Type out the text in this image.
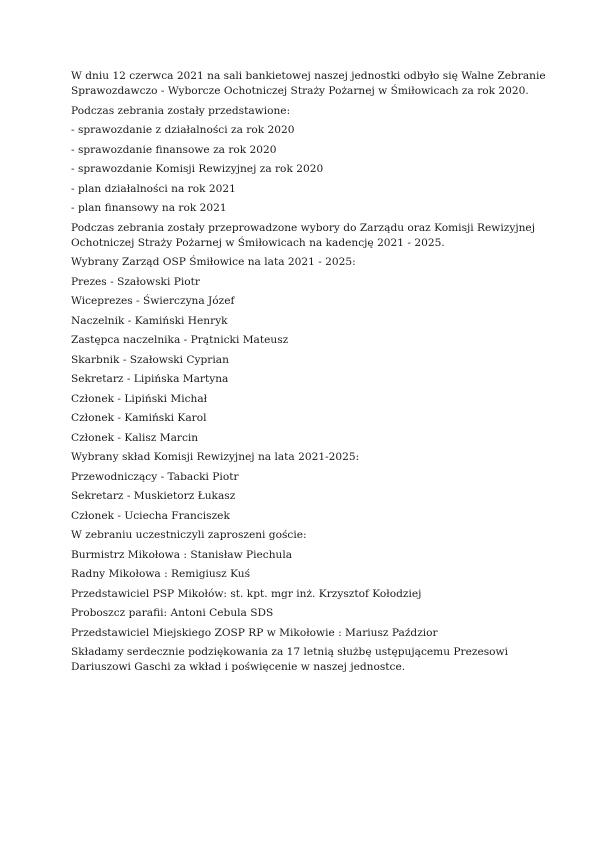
W dniu 12 czerwca 2021 na sali bankietowej naszej jednostki odbyło się Walne Zebranie
Sprawozdawczo - Wyborcze Ochotniczej Straży Pożarnej w Śmiłowicach za rok 2020.

Podczas zebrania zostały przedstawione:

- sprawozdanie z działalności za rok 2020

- sprawozdanie finansowe za rok 2020

- sprawozdanie Komisji Rewizyjnej za rok 2020

- plan działalności na rok 2021

- plan finansowy na rok 2021

Podczas zebrania zostały przeprowadzone wybory do Zarządu oraz Komisji Rewizyjnej
Ochotniczej Straży Pożarnej w Śmiłowicach na kadencję 2021 - 2025.

Wybrany Zarząd OSP Śmiłowice na lata 2021 - 2025:

Prezes - Szałowski Piotr

Wiceprezes - Świerczyna Józef

Naczelnik - Kamiński Henryk

Zastępca naczelnika - Prątnicki Mateusz

Skarbnik - Szałowski Cyprian

Sekretarz - Lipińska Martyna

Członek - Lipiński Michał

Członek - Kamiński Karol

Członek - Kalisz Marcin

Wybrany skład Komisji Rewizyjnej na lata 2021-2025:

Przewodniczący - Tabacki Piotr

Sekretarz - Muskietorz Łukasz

Członek - Uciecha Franciszek

W zebraniu uczestniczyli zaproszeni goście:

Burmistrz Mikołowa : Stanisław Piechula

Radny Mikołowa : Remigiusz Kuś

Przedstawiciel PSP Mikołów: st. kpt. mgr inż. Krzysztof Kołodziej

Proboszcz parafii: Antoni Cebula SDS

Przedstawiciel Miejskiego ZOSP RP w Mikołowie : Mariusz Paździor

Składamy serdecznie podziękowania za 17 letnią służbę ustępującemu Prezesowi
Dariuszowi Gaschi za wkład i poświęcenie w naszej jednostce.
